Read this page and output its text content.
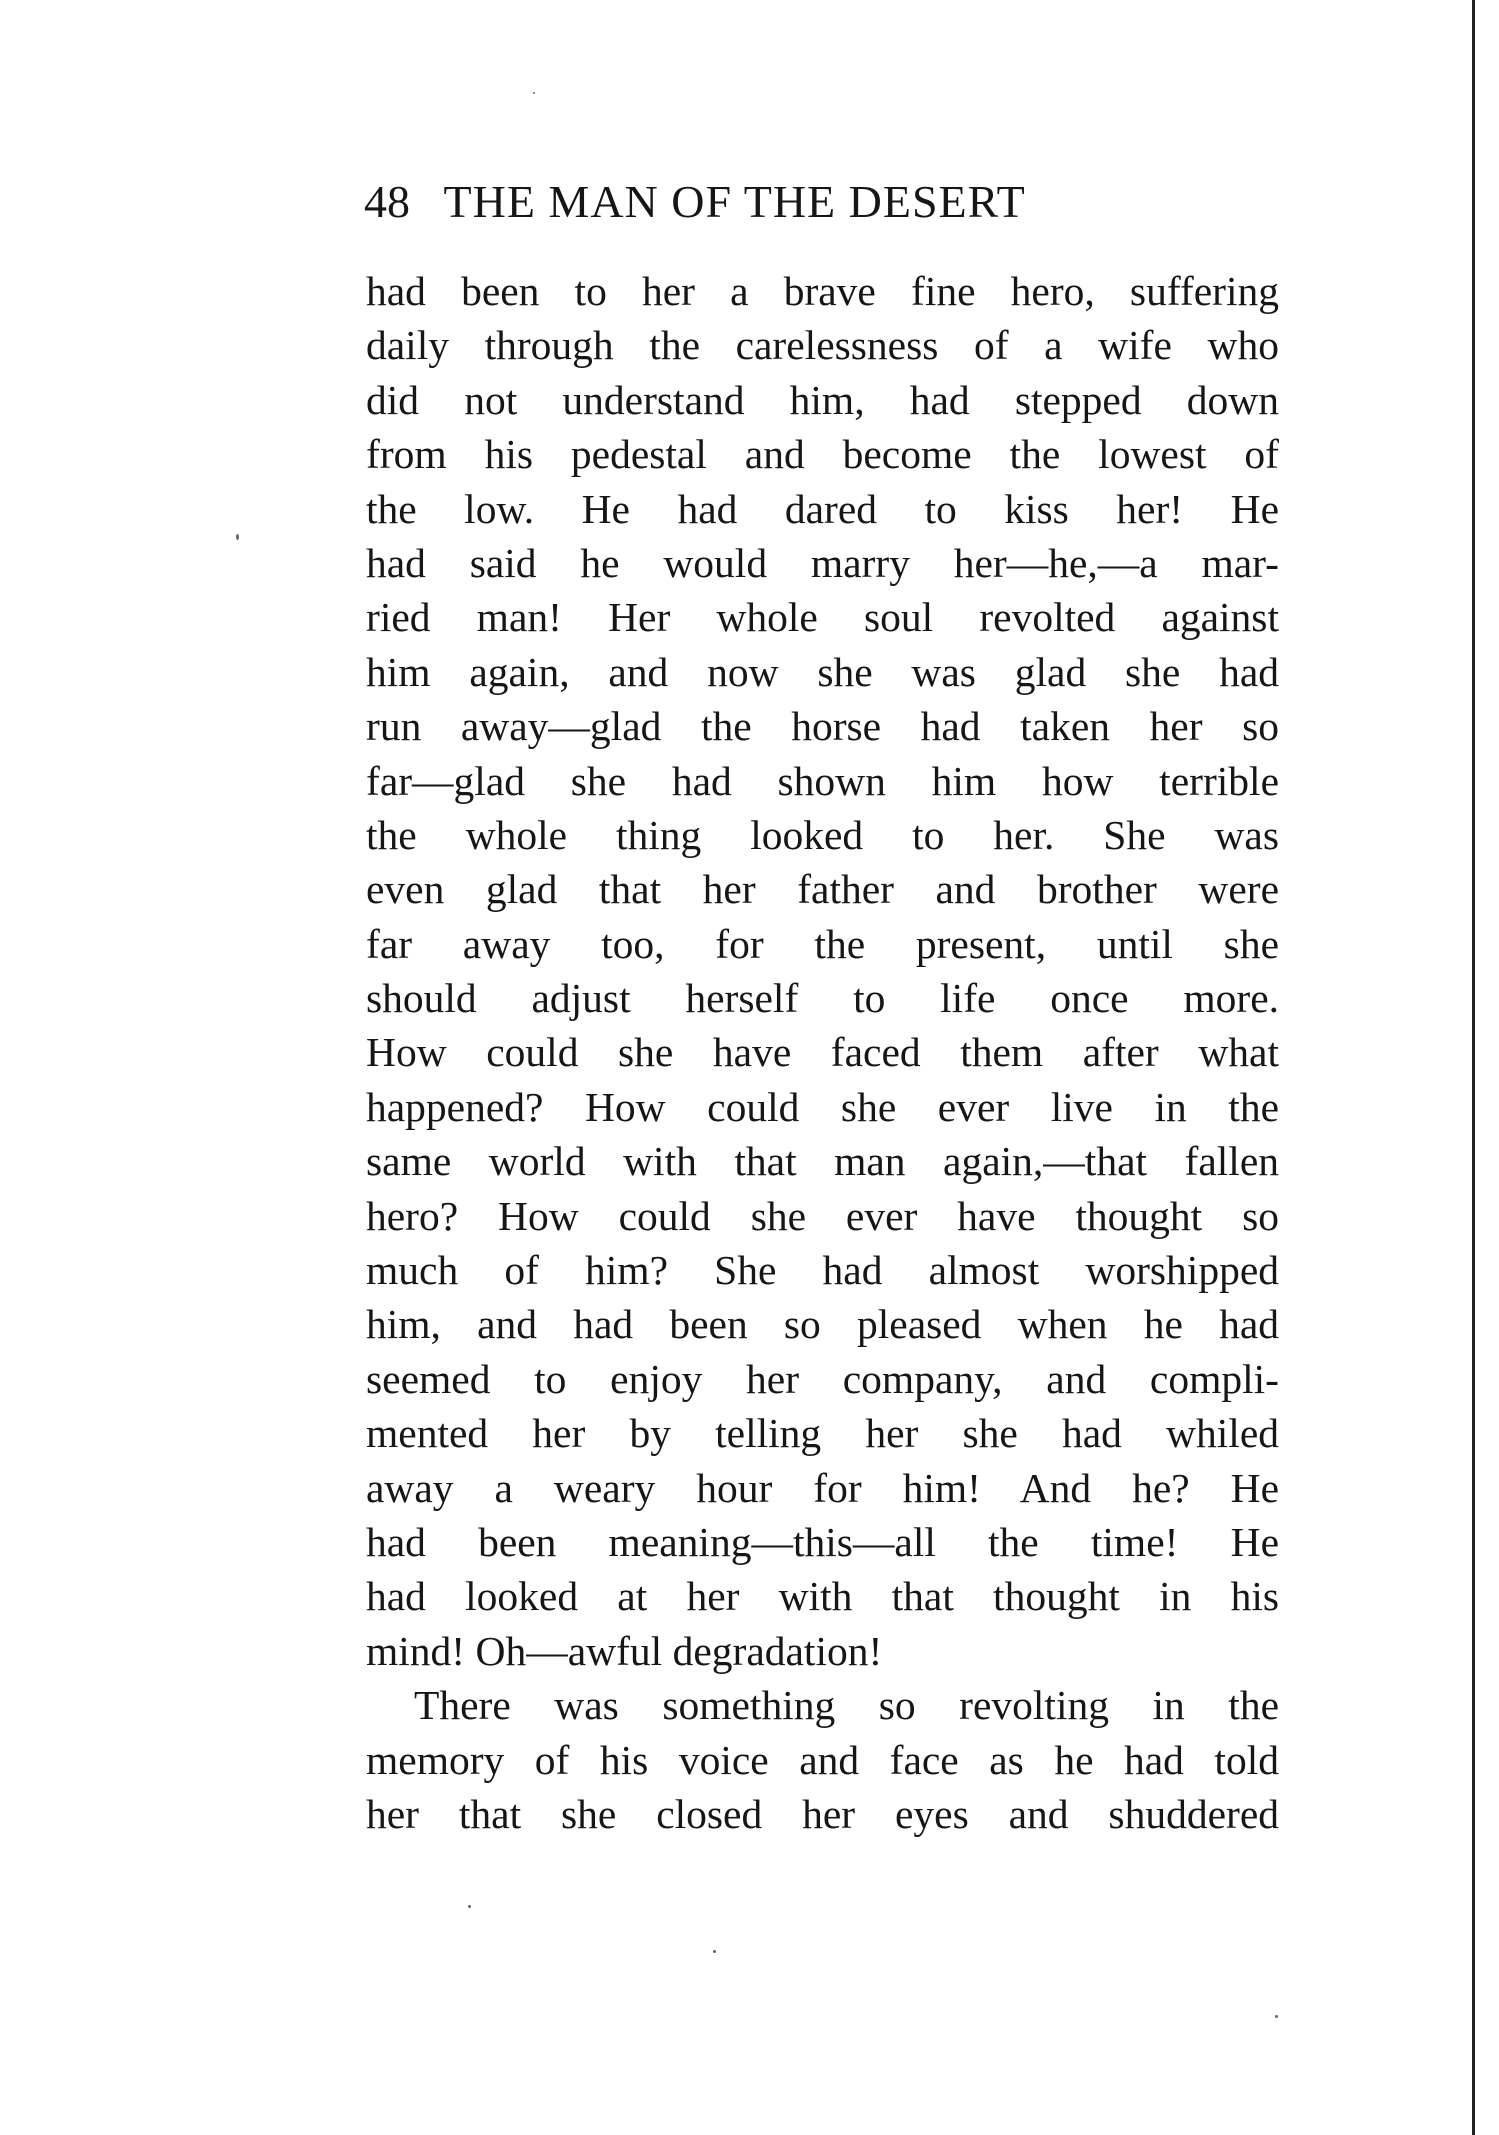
48 THE MAN OF THE DESERT
had been to her a brave fine hero, suffering
daily through the carelessness of a wife who
did not understand him, had stepped down
from his pedestal and become the lowest of
the low. He had dared to kiss her! He
had said he would marry her—he,—a mar-
ried man! Her whole soul revolted against
him again, and now she was glad she had
run away—glad the horse had taken her so
far—glad she had shown him how terrible
the whole thing looked to her. She was
even glad that her father and brother were
far away too, for the present, until she
should adjust herself to life once more.
How could she have faced them after what
happened? How could she ever live in the
same world with that man again,—that fallen
hero? How could she ever have thought so
much of him? She had almost worshipped
him, and had been so pleased when he had
seemed to enjoy her company, and compli-
mented her by telling her she had whiled
away a weary hour for him! And he? He
had been meaning—this—all the time! He
had looked at her with that thought in his
mind! Oh—awful degradation!
There was something so revolting in the
memory of his voice and face as he had told
her that she closed her eyes and shuddered
